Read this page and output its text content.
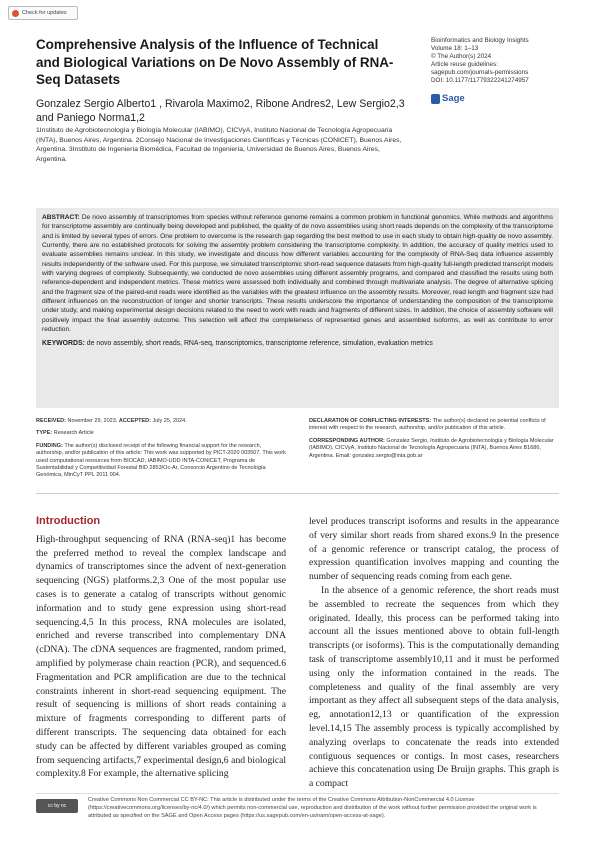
Check for updates
Comprehensive Analysis of the Influence of Technical and Biological Variations on De Novo Assembly of RNA-Seq Datasets
Bioinformatics and Biology Insights
Volume 18: 1–13
© The Author(s) 2024
Article reuse guidelines:
sagepub.com/journals-permissions
DOI: 10.1177/11779322241274957
Sage
Gonzalez Sergio Alberto1 , Rivarola Maximo2, Ribone Andres2, Lew Sergio2,3 and Paniego Norma1,2
1Instituto de Agrobiotecnología y Biología Molecular (IABIMO), CICVyA, Instituto Nacional de Tecnología Agropecuaria (INTA), Buenos Aires, Argentina. 2Consejo Nacional de Investigaciones Científicas y Técnicas (CONICET), Buenos Aires, Argentina. 3Instituto de Ingeniería Biomédica, Facultad de Ingeniería, Universidad de Buenos Aires, Buenos Aires, Argentina.
ABSTRACT: De novo assembly of transcriptomes from species without reference genome remains a common problem in functional genomics. While methods and algorithms for transcriptome assembly are continually being developed and published, the quality of de novo assemblies using short reads depends on the complexity of the transcriptome and is limited by several types of errors. One problem to overcome is the research gap regarding the best method to use in each study to obtain high-quality de novo assembly. Currently, there are no established protocols for solving the assembly problem considering the transcriptome complexity. In addition, the accuracy of quality metrics used to evaluate assemblies remains unclear. In this study, we investigate and discuss how different variables accounting for the complexity of RNA-Seq data influence assembly results independently of the software used. For this purpose, we simulated transcriptomic short-read sequence datasets from high-quality full-length predicted transcript models with varying degrees of complexity. Subsequently, we conducted de novo assemblies using different assembly programs, and compared and classified the results using both reference-dependent and independent metrics. These metrics were assessed both individually and combined through multivariate analysis. The degree of alternative splicing and the fragment size of the paired-end reads were identified as the variables with the greatest influence on the assembly results. Moreover, read length and fragment size had different influences on the reconstruction of longer and shorter transcripts. These results underscore the importance of understanding the composition of the transcriptome under study, and making experimental design decisions related to the need to work with reads and fragments of different sizes. In addition, the choice of assembly software will positively impact the final assembly outcome. This selection will affect the completeness of represented genes and assembled isoforms, as well as contribute to error reduction.
KEYWORDS: de novo assembly, short reads, RNA-seq, transcriptomics, transcriptome reference, simulation, evaluation metrics
RECEIVED: November 29, 2023. ACCEPTED: July 25, 2024.
TYPE: Research Article
FUNDING: The author(s) disclosed receipt of the following financial support for the research, authorship, and/or publication of this article: This work was supported by PICT-2020 003507. This work used computational resources from BIOCAD, IABIMO-UDD INTA-CONICET, Programa de Sustentabilidad y Competitividad Forestal BID 2853/Oc-Ar, Consorcio Argentino de Tecnología Genómica, MinCyT PPL 2011 004.
DECLARATION OF CONFLICTING INTERESTS: The author(s) declared no potential conflicts of interest with respect to the research, authorship, and/or publication of this article.
CORRESPONDING AUTHOR: Gonzalez Sergio, Instituto de Agrobiotecnología y Biología Molecular (IABIMO), CICVyA, Instituto Nacional de Tecnología Agropecuaria (INTA), Buenos Aires B1686, Argentina. Email: gonzalez.sergio@inta.gob.ar
Introduction
High-throughput sequencing of RNA (RNA-seq)1 has become the preferred method to reveal the complex landscape and dynamics of transcriptomes since the advent of next-generation sequencing (NGS) platforms.2,3 One of the most popular use cases is to generate a catalog of transcripts without genomic information and to study gene expression using short-read sequencing.4,5 In this process, RNA molecules are isolated, enriched and reverse transcribed into complementary DNA (cDNA). The cDNA sequences are fragmented, random primed, amplified by polymerase chain reaction (PCR), and sequenced.6 Fragmentation and PCR amplification are due to the technical constraints inherent in short-read sequencing equipment. The result of sequencing is millions of short reads containing a mixture of fragments corresponding to different parts of different transcripts. The sequencing data obtained for each study can be affected by different variables grouped as coming from sequencing artifacts,7 experimental design,6 and biological complexity.8 For example, the alternative splicing
level produces transcript isoforms and results in the appearance of very similar short reads from shared exons.9 In the presence of a genomic reference or transcript catalog, the process of expression quantification involves mapping and counting the number of sequencing reads coming from each gene.
In the absence of a genomic reference, the short reads must be assembled to recreate the sequences from which they originated. Ideally, this process can be performed taking into account all the issues mentioned above to obtain full-length transcripts (or isoforms). This is the computationally demanding task of transcriptome assembly10,11 and it must be performed using only the information contained in the reads. The completeness and quality of the final assembly are very important as they affect all subsequent steps of the data analysis, eg, annotation12,13 or quantification of the expression level.14,15 The assembly process is typically accomplished by analyzing overlaps to concatenate the reads into extended contiguous sequences or contigs. In most cases, researchers achieve this concatenation using De Bruijn graphs. This graph is a compact
cc by nc
Creative Commons Non Commercial CC BY-NC: This article is distributed under the terms of the Creative Commons Attribution-NonCommercial 4.0 License (https://creativecommons.org/licenses/by-nc/4.0/) which permits non-commercial use, reproduction and distribution of the work without further permission provided the original work is attributed as specified on the SAGE and Open Access pages (https://us.sagepub.com/en-us/nam/open-access-at-sage).
